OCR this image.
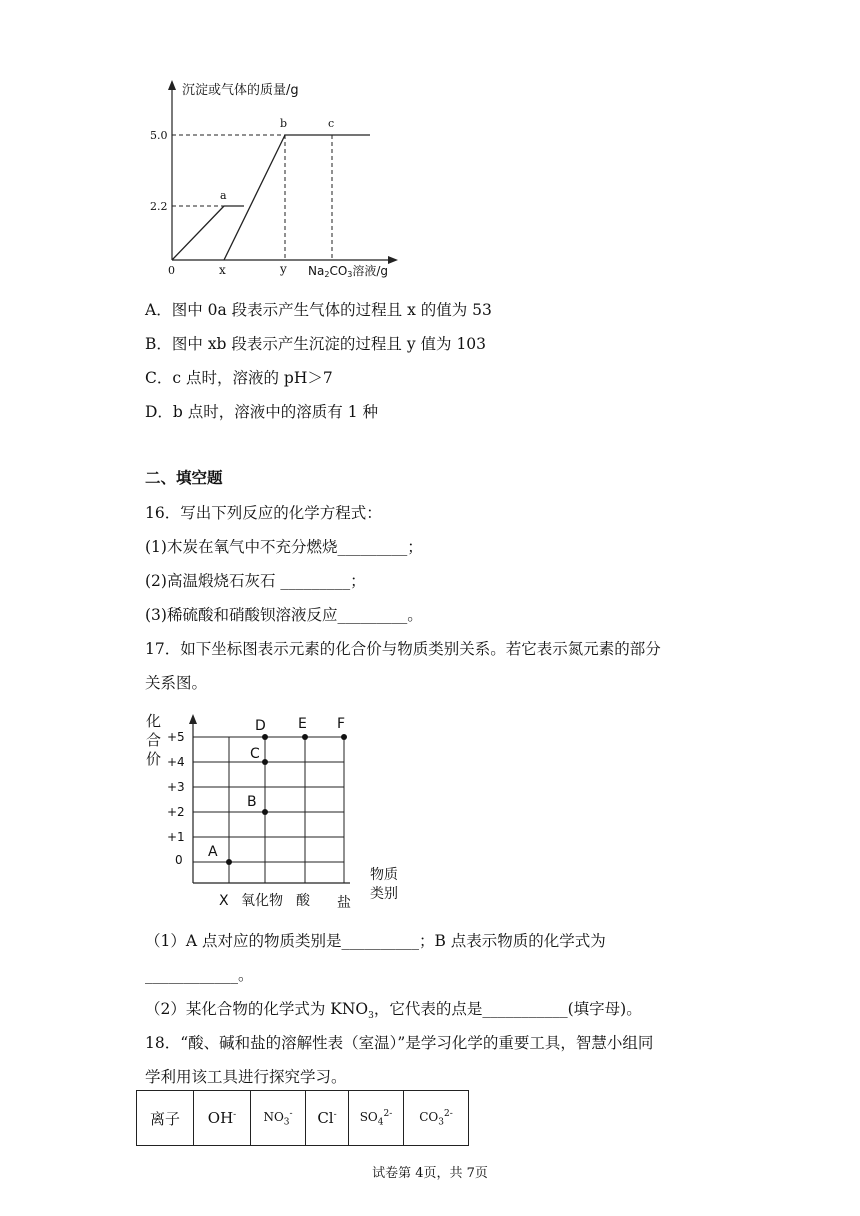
沉淀或气体的质量/g
5.0
2.2
0	x	y
a
b	c
Na2CO3溶液/g
A．图中 0a 段表示产生气体的过程且 x 的值为 53
B．图中 xb 段表示产生沉淀的过程且 y 值为 103
C．c 点时，溶液的 pH＞7
D．b 点时，溶液中的溶质有 1 种
二、填空题
16．写出下列反应的化学方程式：
(1)木炭在氧气中不充分燃烧_________；
(2)高温煅烧石灰石 _________；
(3)稀硫酸和硝酸钡溶液反应_________。
17．如下坐标图表示元素的化合价与物质类别关系。若它表示氮元素的部分
关系图。
化
合
价
+5
+4
+3
+2
+1
0
X 氧化物 酸 盐
物质
类别
A
B
C
D E F
（1）A 点对应的物质类别是__________；B 点表示物质的化学式为
____________。
（2）某化合物的化学式为 $KNO_3$，它代表的点是___________(填字母)。
18．“酸、碱和盐的溶解性表（室温）”是学习化学的重要工具，智慧小组同
学利用该工具进行探究学习。
离子	OH-	$NO_3^-$	Cl-	$SO_4^{2-}$	$CO_3^{2-}$
试卷第 4页，共 7页
